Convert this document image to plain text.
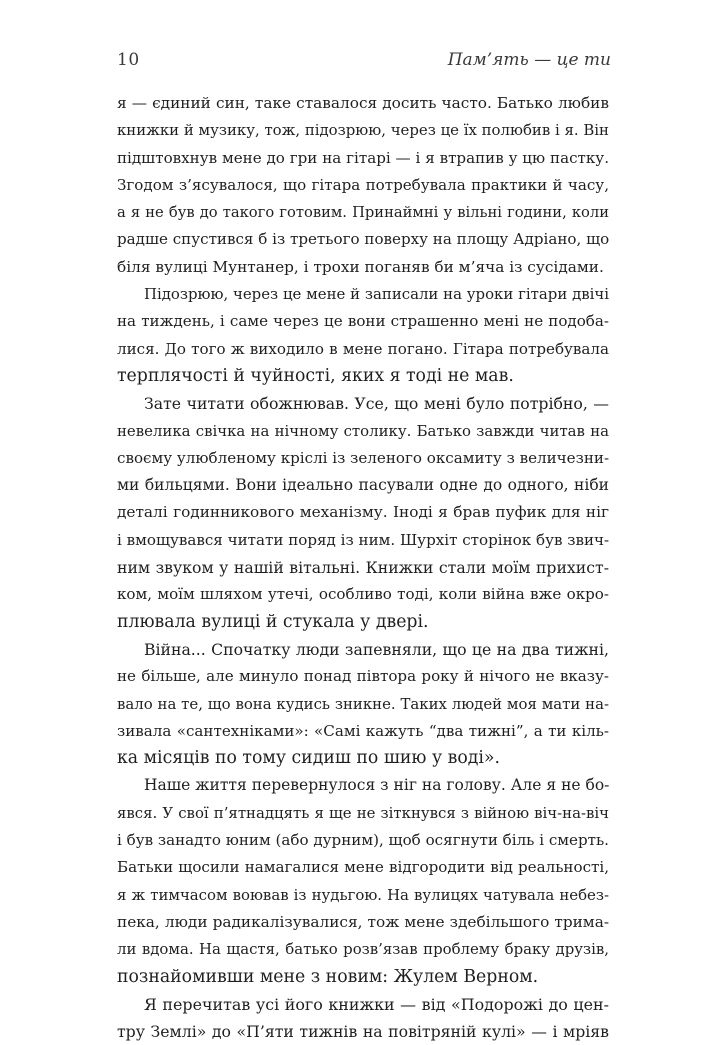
10	Пам’ять — це ти
я — єдиний син, таке ставалося досить часто. Батько любив
книжки й музику, тож, підозрюю, через це їх полюбив і я. Він
підштовхнув мене до гри на гітарі — і я втрапив у цю пастку.
Згодом з’ясувалося, що гітара потребувала практики й часу,
а я не був до такого готовим. Принаймні у вільні години, коли
радше спустився б із третього поверху на площу Адріано, що
біля вулиці Мунтанер, і трохи поганяв би м’яча із сусідами.
Підозрюю, через це мене й записали на уроки гітари двічі
на тиждень, і саме через це вони страшенно мені не подоба-
лися. До того ж виходило в мене погано. Гітара потребувала
терплячості й чуйності, яких я тоді не мав.
Зате читати обожнював. Усе, що мені було потрібно, —
невелика свічка на нічному столику. Батько завжди читав на
своєму улюбленому кріслі із зеленого оксамиту з величезни-
ми бильцями. Вони ідеально пасували одне до одного, ніби
деталі годинникового механізму. Іноді я брав пуфик для ніг
і вмощувався читати поряд із ним. Шурхіт сторінок був звич-
ним звуком у нашій вітальні. Книжки стали моїм прихист-
ком, моїм шляхом утечі, особливо тоді, коли війна вже окро-
плювала вулиці й стукала у двері.
Війна... Спочатку люди запевняли, що це на два тижні,
не більше, але минуло понад півтора року й нічого не вказу-
вало на те, що вона кудись зникне. Таких людей моя мати на-
зивала «сантехніками»: «Самі кажуть “два тижні”, а ти кіль-
ка місяців по тому сидиш по шию у воді».
Наше життя перевернулося з ніг на голову. Але я не бо-
явся. У свої п’ятнадцять я ще не зіткнувся з війною віч-на-віч
і був занадто юним (або дурним), щоб осягнути біль і смерть.
Батьки щосили намагалися мене відгородити від реальності,
я ж тимчасом воював із нудьгою. На вулицях чатувала небез-
пека, люди радикалізувалися, тож мене здебільшого трима-
ли вдома. На щастя, батько розв’язав проблему браку друзів,
познайомивши мене з новим: Жулем Верном.
Я перечитав усі його книжки — від «Подорожі до цен-
тру Землі» до «П’яти тижнів на повітряній кулі» — і мріяв
